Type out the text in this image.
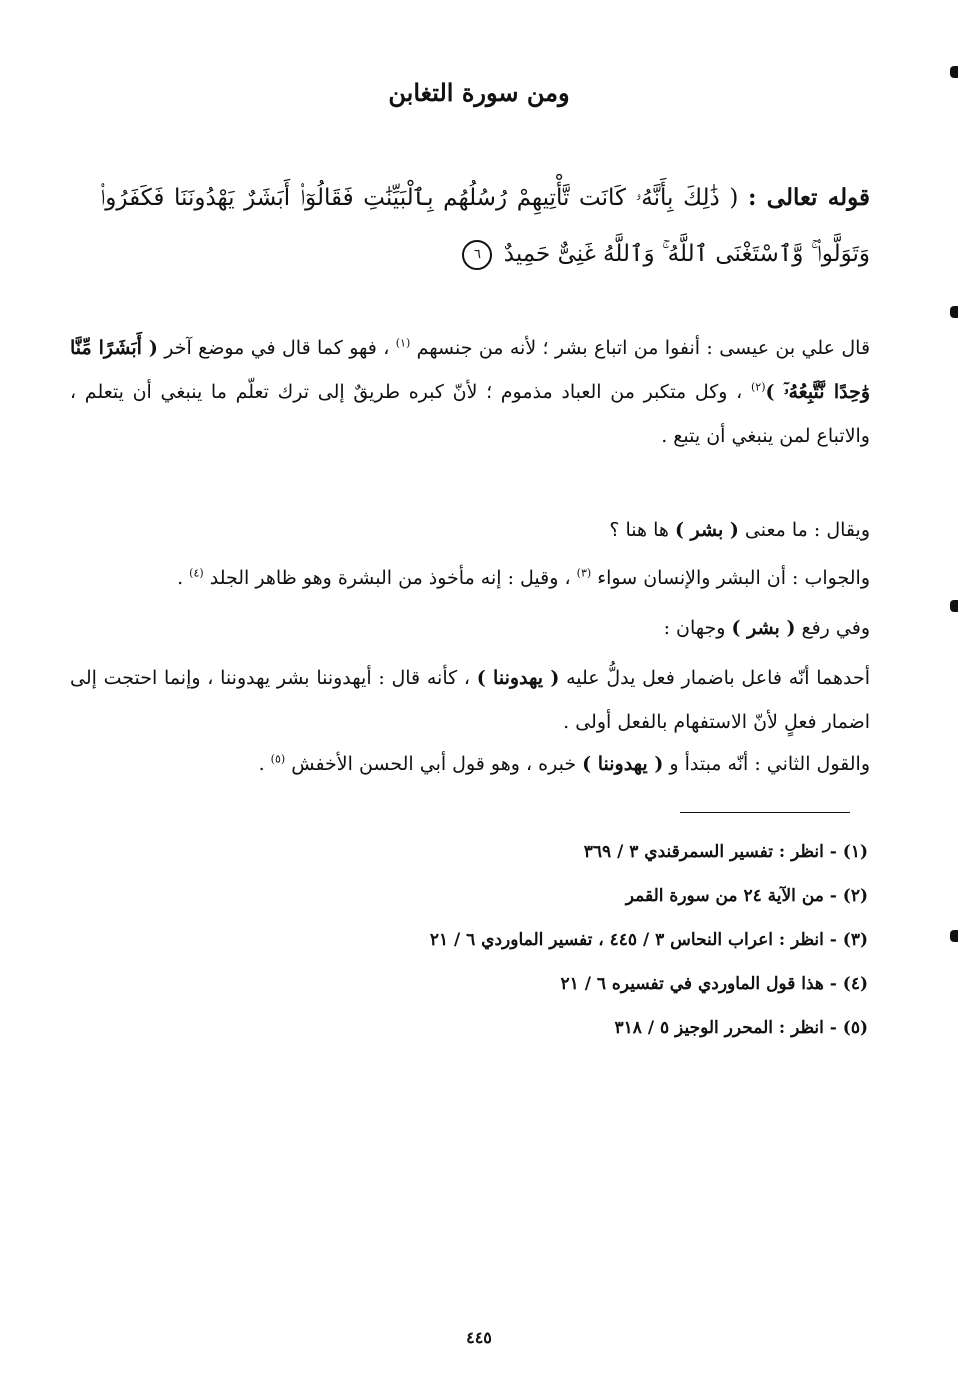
ومن سورة التغابن
قوله تعالى : ( ذَٰلِكَ بِأَنَّهُۥ كَانَت تَّأْتِيهِمْ رُسُلُهُم بِٱلْبَيِّنَٰتِ فَقَالُوٓا۟ أَبَشَرٌ يَهْدُونَنَا فَكَفَرُوا۟ وَتَوَلَّوا۟ ۚ وَّٱسْتَغْنَى ٱللَّهُ ۚ وَٱللَّهُ غَنِىٌّ حَمِيدٌ ٦
قال علي بن عيسى : أنفوا من اتباع بشر ؛ لأنه من جنسهم $^{(١)}$ ، فهو كما قال في موضع آخر ( أَبَشَرًا مِّنَّا وَٰحِدًا نَّتَّبِعُهُۥٓ )$^{(٢)}$ ، وكل متكبر من العباد مذموم ؛ لأنّ كبره طريقٌ إلى ترك تعلّم ما ينبغي أن يتعلم ، والاتباع لمن ينبغي أن يتبع .
ويقال : ما معنى ( بشر ) ها هنا ؟
والجواب : أن البشر والإنسان سواء $^{(٣)}$ ، وقيل : إنه مأخوذ من البشرة وهو ظاهر الجلد $^{(٤)}$ .
وفي رفع ( بشر ) وجهان :
أحدهما أنّه فاعل باضمار فعل يدلُّ عليه ( يهدوننا ) ، كأنه قال : أيهدوننا بشر يهدوننا ، وإنما احتجت إلى اضمار فعلٍ لأنّ الاستفهام بالفعل أولى .
والقول الثاني : أنّه مبتدأ و ( يهدوننا ) خبره ، وهو قول أبي الحسن الأخفش $^{(٥)}$ .
(١) - انظر : تفسير السمرقندي ٣ / ٣٦٩
(٢) - من الآية ٢٤ من سورة القمر
(٣) - انظر : اعراب النحاس ٣ / ٤٤٥ ، تفسير الماوردي ٦ / ٢١
(٤) - هذا قول الماوردي في تفسيره ٦ / ٢١
(٥) - انظر : المحرر الوجيز ٥ / ٣١٨
٤٤٥
